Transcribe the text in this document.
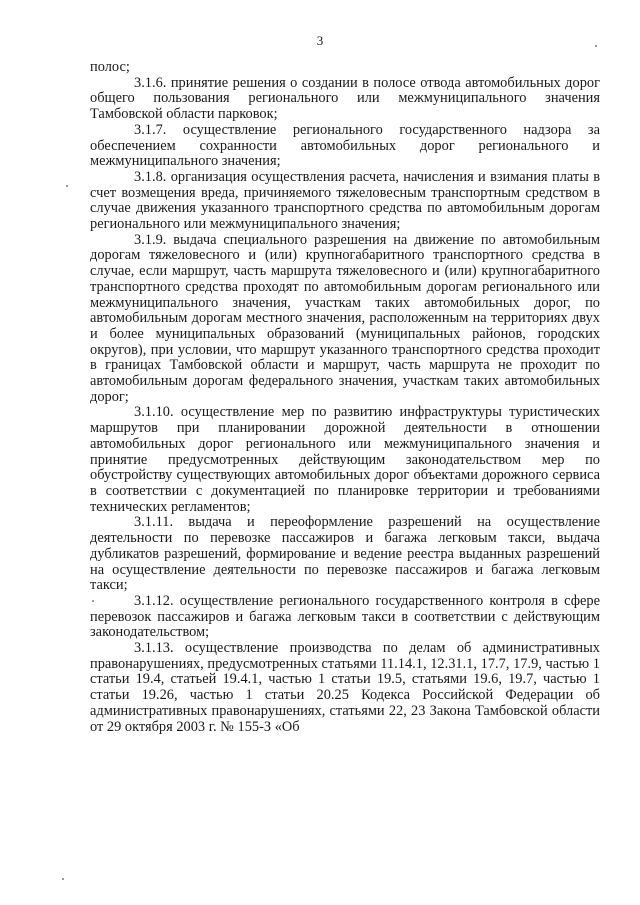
3

полос;

3.1.6. принятие решения о создании в полосе отвода автомобильных дорог общего пользования регионального или межмуниципального значения Тамбовской области парковок;

3.1.7. осуществление регионального государственного надзора за обеспечением сохранности автомобильных дорог регионального и межмуниципального значения;

3.1.8. организация осуществления расчета, начисления и взимания платы в счет возмещения вреда, причиняемого тяжеловесным транспортным средством в случае движения указанного транспортного средства по автомобильным дорогам регионального или межмуниципального значения;

3.1.9. выдача специального разрешения на движение по автомобильным дорогам тяжеловесного и (или) крупногабаритного транспортного средства в случае, если маршрут, часть маршрута тяжеловесного и (или) крупногабаритного транспортного средства проходят по автомобильным дорогам регионального или межмуниципального значения, участкам таких автомобильных дорог, по автомобильным дорогам местного значения, расположенным на территориях двух и более муниципальных образований (муниципальных районов, городских округов), при условии, что маршрут указанного транспортного средства проходит в границах Тамбовской области и маршрут, часть маршрута не проходит по автомобильным дорогам федерального значения, участкам таких автомобильных дорог;

3.1.10. осуществление мер по развитию инфраструктуры туристических маршрутов при планировании дорожной деятельности в отношении автомобильных дорог регионального или межмуниципального значения и принятие предусмотренных действующим законодательством мер по обустройству существующих автомобильных дорог объектами дорожного сервиса в соответствии с документацией по планировке территории и требованиями технических регламентов;

3.1.11. выдача и переоформление разрешений на осуществление деятельности по перевозке пассажиров и багажа легковым такси, выдача дубликатов разрешений, формирование и ведение реестра выданных разрешений на осуществление деятельности по перевозке пассажиров и багажа легковым такси;

3.1.12. осуществление регионального государственного контроля в сфере перевозок пассажиров и багажа легковым такси в соответствии с действующим законодательством;

3.1.13. осуществление производства по делам об административных правонарушениях, предусмотренных статьями 11.14.1, 12.31.1, 17.7, 17.9, частью 1 статьи 19.4, статьей 19.4.1, частью 1 статьи 19.5, статьями 19.6, 19.7, частью 1 статьи 19.26, частью 1 статьи 20.25 Кодекса Российской Федерации об административных правонарушениях, статьями 22, 23 Закона Тамбовской области от 29 октября 2003 г. № 155-З «Об
